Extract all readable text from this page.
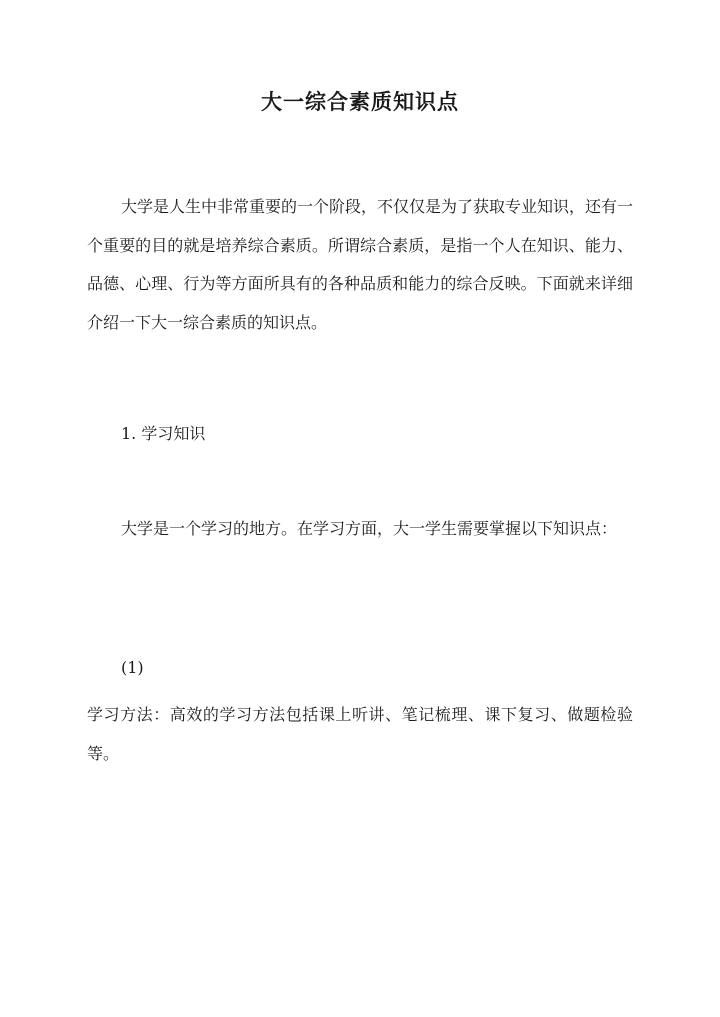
大一综合素质知识点
大学是人生中非常重要的一个阶段，不仅仅是为了获取专业知识，还有一个重要的目的就是培养综合素质。所谓综合素质，是指一个人在知识、能力、品德、心理、行为等方面所具有的各种品质和能力的综合反映。下面就来详细介绍一下大一综合素质的知识点。
1. 学习知识
大学是一个学习的地方。在学习方面，大一学生需要掌握以下知识点：
(1)
学习方法：高效的学习方法包括课上听讲、笔记梳理、课下复习、做题检验等。
